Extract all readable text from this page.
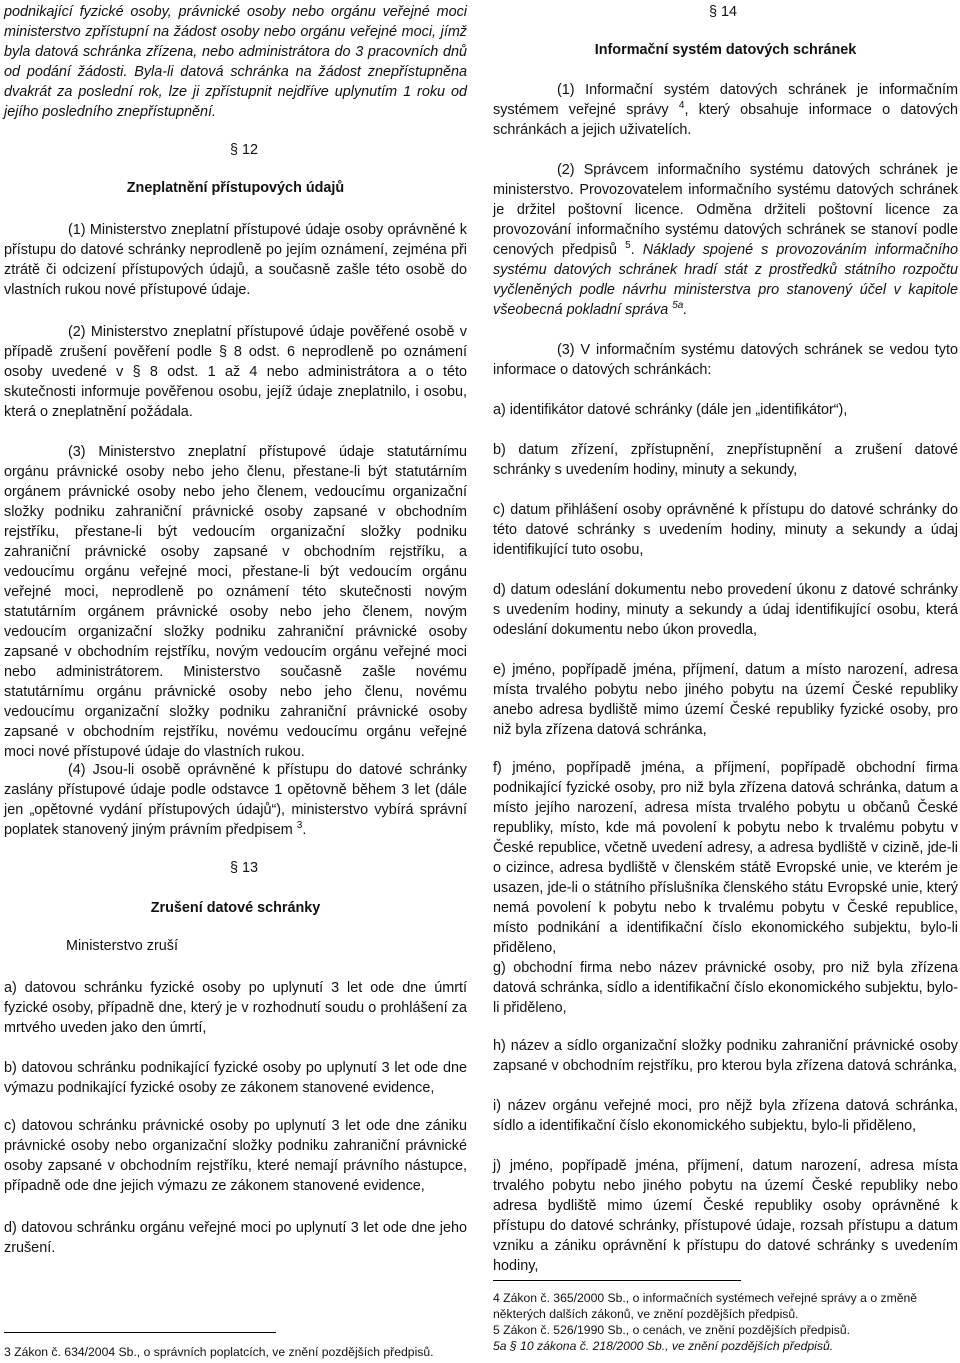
podnikající fyzické osoby, právnické osoby nebo orgánu veřejné moci ministerstvo zpřístupní na žádost osoby nebo orgánu veřejné moci, jímž byla datová schránka zřízena, nebo administrátora do 3 pracovních dnů od podání žádosti. Byla-li datová schránka na žádost znepřístupněna dvakrát za poslední rok, lze ji zpřístupnit nejdříve uplynutím 1 roku od jejího posledního znepřístupnění.

§ 12
Zneplatnění přístupových údajů

(1) Ministerstvo zneplatní přístupové údaje osoby oprávněné k přístupu do datové schránky neprodleně po jejím oznámení, zejména při ztrátě či odcizení přístupových údajů, a současně zašle této osobě do vlastních rukou nové přístupové údaje.

(2) Ministerstvo zneplatní přístupové údaje pověřené osobě v případě zrušení pověření podle § 8 odst. 6 neprodleně po oznámení osoby uvedené v § 8 odst. 1 až 4 nebo administrátora a o této skutečnosti informuje pověřenou osobu, jejíž údaje zneplatnilo, i osobu, která o zneplatnění požádala.

(3) Ministerstvo zneplatní přístupové údaje statutárnímu orgánu právnické osoby nebo jeho členu, přestane-li být statutárním orgánem právnické osoby nebo jeho členem, vedoucímu organizační složky podniku zahraniční právnické osoby zapsané v obchodním rejstříku, přestane-li být vedoucím organizační složky podniku zahraniční právnické osoby zapsané v obchodním rejstříku, a vedoucímu orgánu veřejné moci, přestane-li být vedoucím orgánu veřejné moci, neprodleně po oznámení této skutečnosti novým statutárním orgánem právnické osoby nebo jeho členem, novým vedoucím organizační složky podniku zahraniční právnické osoby zapsané v obchodním rejstříku, novým vedoucím orgánu veřejné moci nebo administrátorem. Ministerstvo současně zašle novému statutárnímu orgánu právnické osoby nebo jeho členu, novému vedoucímu organizační složky podniku zahraniční právnické osoby zapsané v obchodním rejstříku, novému vedoucímu orgánu veřejné moci nové přístupové údaje do vlastních rukou.

(4) Jsou-li osobě oprávněné k přístupu do datové schránky zaslány přístupové údaje podle odstavce 1 opětovně během 3 let (dále jen „opětovné vydání přístupových údajů“), ministerstvo vybírá správní poplatek stanovený jiným právním předpisem $^3$.

§ 13
Zrušení datové schránky

Ministerstvo zruší

a) datovou schránku fyzické osoby po uplynutí 3 let ode dne úmrtí fyzické osoby, případně dne, který je v rozhodnutí soudu o prohlášení za mrtvého uveden jako den úmrtí,

b) datovou schránku podnikající fyzické osoby po uplynutí 3 let ode dne výmazu podnikající fyzické osoby ze zákonem stanovené evidence,

c) datovou schránku právnické osoby po uplynutí 3 let ode dne zániku právnické osoby nebo organizační složky podniku zahraniční právnické osoby zapsané v obchodním rejstříku, které nemají právního nástupce, případně ode dne jejich výmazu ze zákonem stanovené evidence,

d) datovou schránku orgánu veřejné moci po uplynutí 3 let ode dne jeho zrušení.

3 Zákon č. 634/2004 Sb., o správních poplatcích, ve znění pozdějších předpisů.

§ 14
Informační systém datových schránek

(1) Informační systém datových schránek je informačním systémem veřejné správy $^4$, který obsahuje informace o datových schránkách a jejich uživatelích.

(2) Správcem informačního systému datových schránek je ministerstvo. Provozovatelem informačního systému datových schránek je držitel poštovní licence. Odměna držiteli poštovní licence za provozování informačního systému datových schránek se stanoví podle cenových předpisů $^5$. Náklady spojené s provozováním informačního systému datových schránek hradí stát z prostředků státního rozpočtu vyčleněných podle návrhu ministerstva pro stanovený účel v kapitole všeobecná pokladní správa $^{5a}$.

(3) V informačním systému datových schránek se vedou tyto informace o datových schránkách:

a) identifikátor datové schránky (dále jen „identifikátor“),

b) datum zřízení, zpřístupnění, znepřístupnění a zrušení datové schránky s uvedením hodiny, minuty a sekundy,

c) datum přihlášení osoby oprávněné k přístupu do datové schránky do této datové schránky s uvedením hodiny, minuty a sekundy a údaj identifikující tuto osobu,

d) datum odeslání dokumentu nebo provedení úkonu z datové schránky s uvedením hodiny, minuty a sekundy a údaj identifikující osobu, která odeslání dokumentu nebo úkon provedla,

e) jméno, popřípadě jména, příjmení, datum a místo narození, adresa místa trvalého pobytu nebo jiného pobytu na území České republiky anebo adresa bydliště mimo území České republiky fyzické osoby, pro niž byla zřízena datová schránka,

f) jméno, popřípadě jména, a příjmení, popřípadě obchodní firma podnikající fyzické osoby, pro niž byla zřízena datová schránka, datum a místo jejího narození, adresa místa trvalého pobytu u občanů České republiky, místo, kde má povolení k pobytu nebo k trvalému pobytu v České republice, včetně uvedení adresy, a adresa bydliště v cizině, jde-li o cizince, adresa bydliště v členském státě Evropské unie, ve kterém je usazen, jde-li o státního příslušníka členského státu Evropské unie, který nemá povolení k pobytu nebo k trvalému pobytu v České republice, místo podnikání a identifikační číslo ekonomického subjektu, bylo-li přiděleno,

g) obchodní firma nebo název právnické osoby, pro niž byla zřízena datová schránka, sídlo a identifikační číslo ekonomického subjektu, bylo-li přiděleno,

h) název a sídlo organizační složky podniku zahraniční právnické osoby zapsané v obchodním rejstříku, pro kterou byla zřízena datová schránka,

i) název orgánu veřejné moci, pro nějž byla zřízena datová schránka, sídlo a identifikační číslo ekonomického subjektu, bylo-li přiděleno,

j) jméno, popřípadě jména, příjmení, datum narození, adresa místa trvalého pobytu nebo jiného pobytu na území České republiky nebo adresa bydliště mimo území České republiky osoby oprávněné k přístupu do datové schránky, přístupové údaje, rozsah přístupu a datum vzniku a zániku oprávnění k přístupu do datové schránky s uvedením hodiny,

4 Zákon č. 365/2000 Sb., o informačních systémech veřejné správy a o změně některých dalších zákonů, ve znění pozdějších předpisů.

5 Zákon č. 526/1990 Sb., o cenách, ve znění pozdějších předpisů.

5a § 10 zákona č. 218/2000 Sb., ve znění pozdějších předpisů.
